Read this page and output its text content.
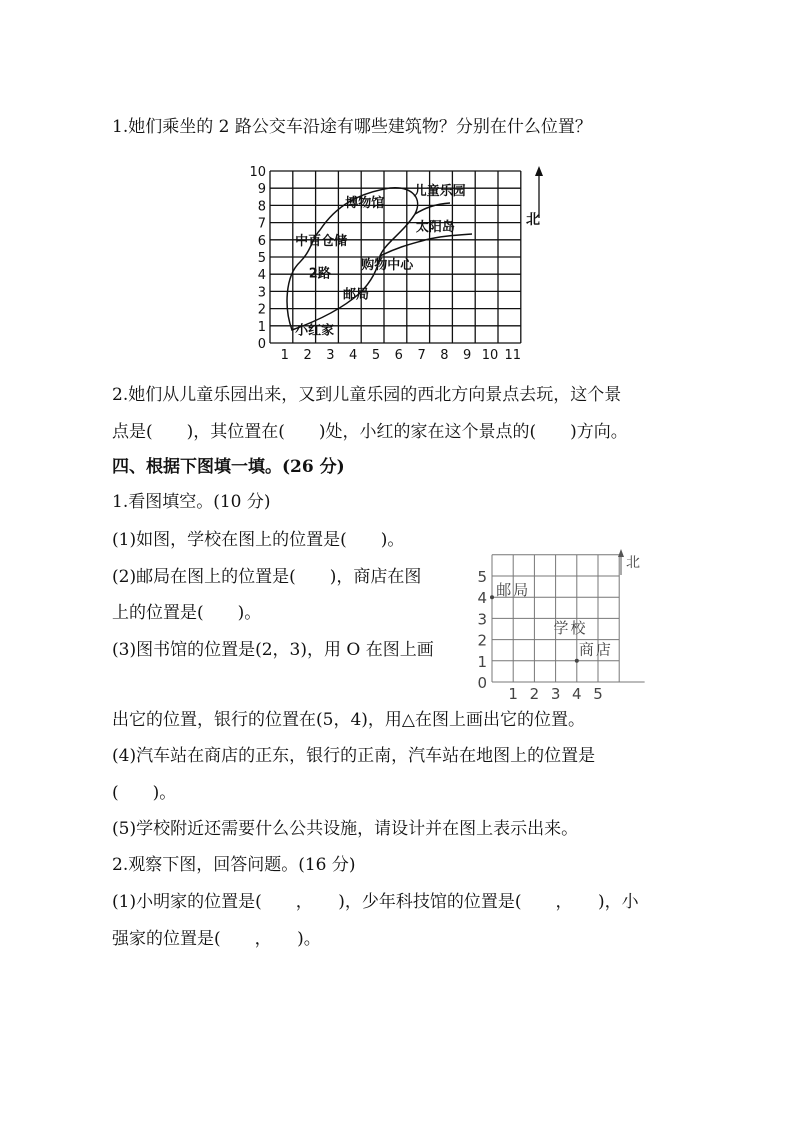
1.她们乘坐的 2 路公交车沿途有哪些建筑物？分别在什么位置？
0
1
2
3
4
5
6
7
8
9
10
1 2 3 4 5 6 7 8 9 10 11
小红家
中百仓储
博物馆
儿童乐园
太阳岛
购物中心
邮局
2路
北
2.她们从儿童乐园出来，又到儿童乐园的西北方向景点去玩，这个景
点是(　　)，其位置在(　　)处，小红的家在这个景点的(　　)方向。
四、根据下图填一填。(26 分)
1.看图填空。(10 分)
(1)如图，学校在图上的位置是(　　)。
(2)邮局在图上的位置是(　　)，商店在图
上的位置是(　　)。
(3)图书馆的位置是(2，3)，用 O 在图上画
出它的位置，银行的位置在(5，4)，用△在图上画出它的位置。
(4)汽车站在商店的正东，银行的正南，汽车站在地图上的位置是
(　　)。
(5)学校附近还需要什么公共设施，请设计并在图上表示出来。
2.观察下图，回答问题。(16 分)
(1)小明家的位置是(　　，　　)，少年科技馆的位置是(　　，　　)，小
强家的位置是(　　，　　)。
0
1
2
3
4
5
1 2 3 4 5
邮局
学校
商店
北
